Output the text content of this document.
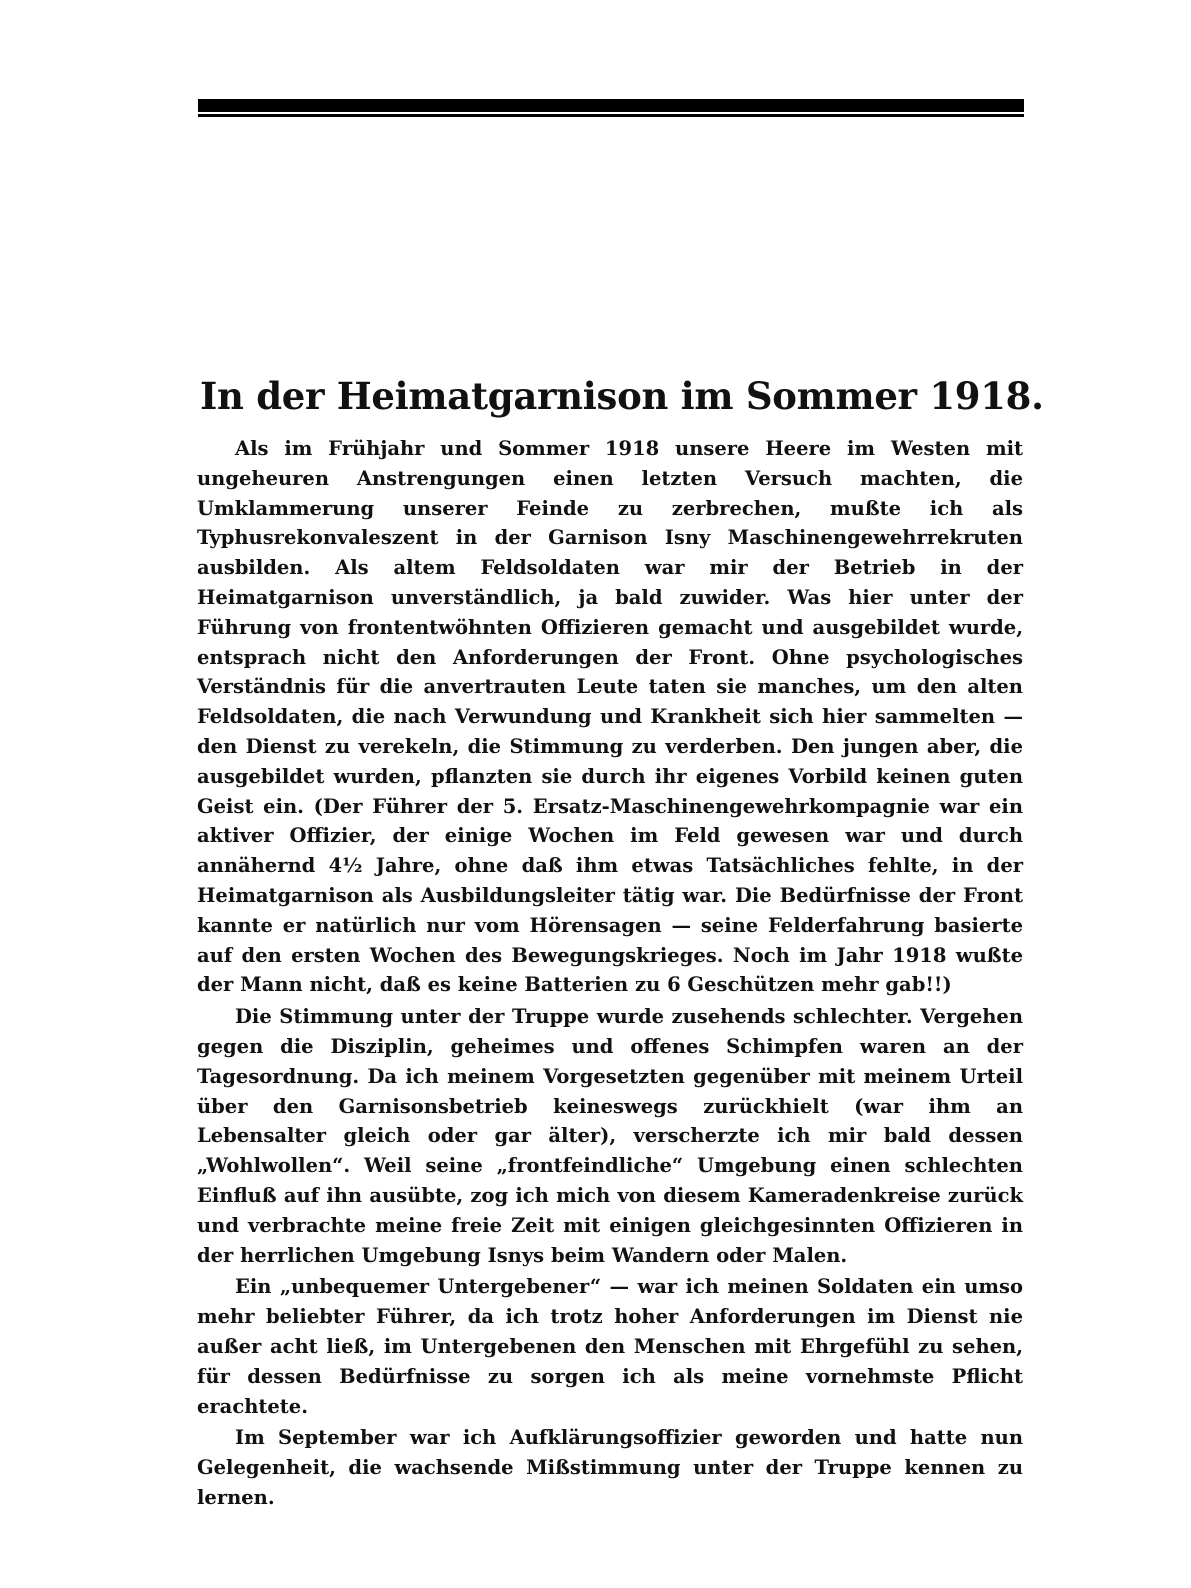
In der Heimatgarnison im Sommer 1918.

Als im Frühjahr und Sommer 1918 unsere Heere im Westen mit ungeheuren Anstrengungen einen letzten Versuch machten, die Umklammerung unserer Feinde zu zerbrechen, mußte ich als Typhusrekonvaleszent in der Garnison Isny Maschinengewehrrekruten ausbilden. Als altem Feldsoldaten war mir der Betrieb in der Heimatgarnison unverständlich, ja bald zuwider. Was hier unter der Führung von frontentwöhnten Offizieren gemacht und ausgebildet wurde, entsprach nicht den Anforderungen der Front. Ohne psychologisches Verständnis für die anvertrauten Leute taten sie manches, um den alten Feldsoldaten, die nach Verwundung und Krankheit sich hier sammelten — den Dienst zu verekeln, die Stimmung zu verderben. Den jungen aber, die ausgebildet wurden, pflanzten sie durch ihr eigenes Vorbild keinen guten Geist ein. (Der Führer der 5. Ersatz-Maschinengewehrkompagnie war ein aktiver Offizier, der einige Wochen im Feld gewesen war und durch annähernd 4½ Jahre, ohne daß ihm etwas Tatsächliches fehlte, in der Heimatgarnison als Ausbildungsleiter tätig war. Die Bedürfnisse der Front kannte er natürlich nur vom Hörensagen — seine Felderfahrung basierte auf den ersten Wochen des Bewegungskrieges. Noch im Jahr 1918 wußte der Mann nicht, daß es keine Batterien zu 6 Geschützen mehr gab!!)

Die Stimmung unter der Truppe wurde zusehends schlechter. Vergehen gegen die Disziplin, geheimes und offenes Schimpfen waren an der Tagesordnung. Da ich meinem Vorgesetzten gegenüber mit meinem Urteil über den Garnisonsbetrieb keineswegs zurückhielt (war ihm an Lebensalter gleich oder gar älter), verscherzte ich mir bald dessen „Wohlwollen“. Weil seine „frontfeindliche“ Umgebung einen schlechten Einfluß auf ihn ausübte, zog ich mich von diesem Kameradenkreise zurück und verbrachte meine freie Zeit mit einigen gleichgesinnten Offizieren in der herrlichen Umgebung Isnys beim Wandern oder Malen.

Ein „unbequemer Untergebener“ — war ich meinen Soldaten ein umso mehr beliebter Führer, da ich trotz hoher Anforderungen im Dienst nie außer acht ließ, im Untergebenen den Menschen mit Ehrgefühl zu sehen, für dessen Bedürfnisse zu sorgen ich als meine vornehmste Pflicht erachtete.

Im September war ich Aufklärungsoffizier geworden und hatte nun Gelegenheit, die wachsende Mißstimmung unter der Truppe kennen zu lernen.
